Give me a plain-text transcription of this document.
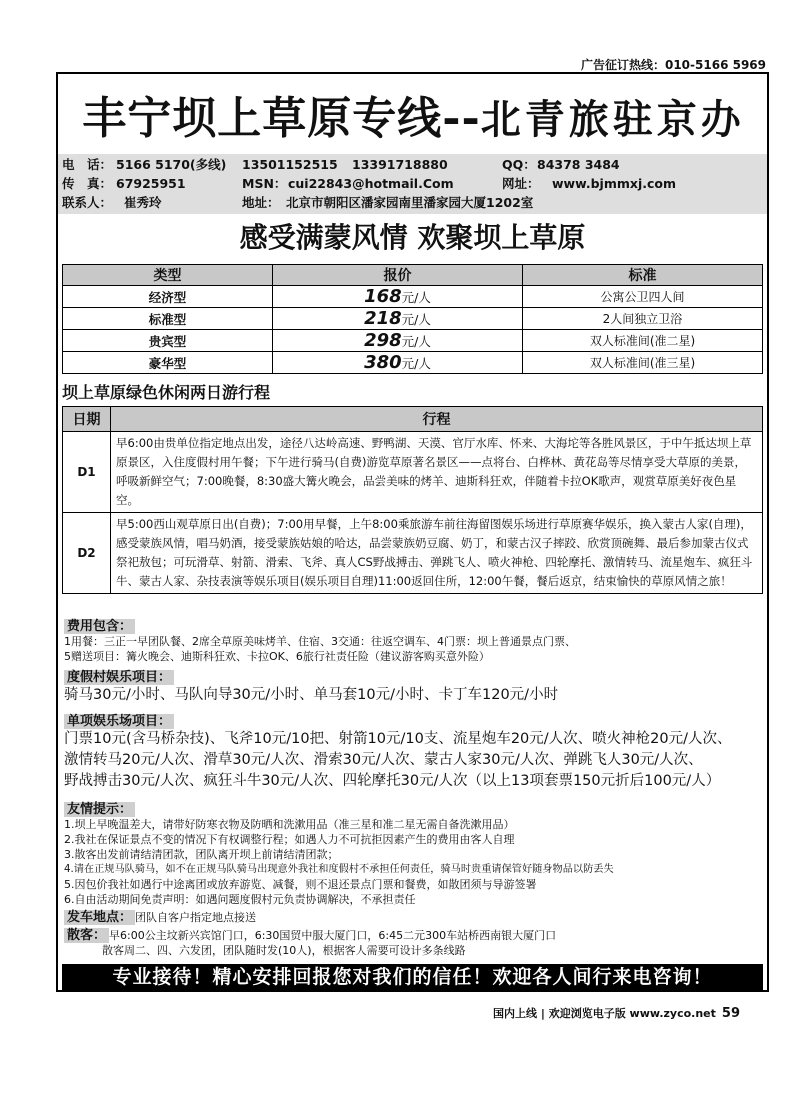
广告征订热线：010-5166 5969
丰宁坝上草原专线--北青旅驻京办
电　话： 5166 5170(多线) 13501152515 13391718880	QQ： 84378 3484
传　真： 67925951	MSN： cui22843@hotmail.Com	网址： www.bjmmxj.com
联系人： 崔秀玲	地址： 北京市朝阳区潘家园南里潘家园大厦1202室
感受满蒙风情 欢聚坝上草原
类型	报价	标准
经济型	168元/人	公寓公卫四人间
标准型	218元/人	2人间独立卫浴
贵宾型	298元/人	双人标准间(准二星)
豪华型	380元/人	双人标准间(准三星)
坝上草原绿色休闲两日游行程
日期	行程
D1	早6:00由贵单位指定地点出发，途径八达岭高速、野鸭湖、天漠、官厅水库、怀来、大海坨等各胜风景区，于中午抵达坝上草原景区，入住度假村用午餐；下午进行骑马(自费)游览草原著名景区——点将台、白桦林、黄花岛等尽情享受大草原的美景，呼吸新鲜空气；7:00晚餐，8:30盛大篝火晚会，品尝美味的烤羊、迪斯科狂欢，伴随着卡拉OK歌声，观赏草原美好夜色星空。
D2	早5:00西山观草原日出(自费)；7:00用早餐，上午8:00乘旅游车前往海留图娱乐场进行草原赛华娱乐，换入蒙古人家(自理)，感受蒙族风情，唱马奶酒，接受蒙族姑娘的哈达，品尝蒙族奶豆腐、奶丁，和蒙古汉子摔跤、欣赏顶碗舞、最后参加蒙古仪式祭祀敖包；可玩滑草、射箭、滑索、飞斧、真人CS野战搏击、弹跳飞人、喷火神枪、四轮摩托、激情转马、流星炮车、疯狂斗牛、蒙古人家、杂技表演等娱乐项目(娱乐项目自理)11:00返回住所，12:00午餐，餐后返京，结束愉快的草原风情之旅！
费用包含：
1用餐：三正一早团队餐、2席全草原美味烤羊、住宿、3交通：往返空调车、4门票：坝上普通景点门票、
5赠送项目：篝火晚会、迪斯科狂欢、卡拉OK、6旅行社责任险（建议游客购买意外险）
度假村娱乐项目：
骑马30元/小时、马队向导30元/小时、单马套10元/小时、卡丁车120元/小时
单项娱乐场项目：
门票10元(含马桥杂技)、飞斧10元/10把、射箭10元/10支、流星炮车20元/人次、喷火神枪20元/人次、
激情转马20元/人次、滑草30元/人次、滑索30元/人次、蒙古人家30元/人次、弹跳飞人30元/人次、
野战搏击30元/人次、疯狂斗牛30元/人次、四轮摩托30元/人次（以上13项套票150元折后100元/人）
友情提示：
1.坝上早晚温差大，请带好防寒衣物及防晒和洗漱用品（准三星和准二星无需自备洗漱用品）
2.我社在保证景点不变的情况下有权调整行程；如遇人力不可抗拒因素产生的费用由客人自理
3.散客出发前请结清团款，团队离开坝上前请结清团款；
4.请在正规马队骑马，如不在正规马队骑马出现意外我社和度假村不承担任何责任，骑马时贵重请保管好随身物品以防丢失
5.因包价我社如遇行中途离团或放弃游览、减餐，则不退还景点门票和餐费，如散团须与导游签署
6.自由活动期间免责声明：如遇问题度假村元负责协调解决，不承担责任
发车地点： 团队自客户指定地点接送
散客： 早6:00公主坟新兴宾馆门口，6:30国贸中服大厦门口，6:45二元300车站桥西南银大厦门口
散客周二、四、六发团，团队随时发(10人)，根据客人需要可设计多条线路
专业接待！精心安排回报您对我们的信任！欢迎各人间行来电咨询！
国内上线 | 欢迎浏览电子版 www.zyco.net 59
